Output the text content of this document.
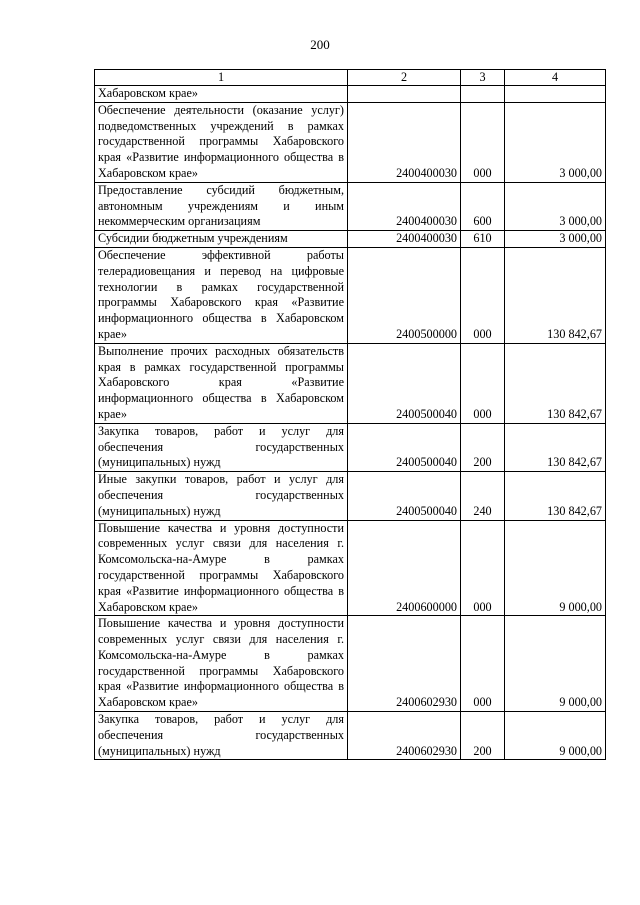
200
1	2	3	4
Хабаровском крае»			
Обеспечение деятельности (оказание услуг) подведомственных учреждений в рамках государственной программы Хабаровского края «Развитие информационного общества в Хабаровском крае»	2400400030	000	3 000,00
Предоставление субсидий бюджетным, автономным учреждениям и иным некоммерческим организациям	2400400030	600	3 000,00
Субсидии бюджетным учреждениям	2400400030	610	3 000,00
Обеспечение эффективной работы телерадиовещания и перевод на цифровые технологии в рамках государственной программы Хабаровского края «Развитие информационного общества в Хабаровском крае»	2400500000	000	130 842,67
Выполнение прочих расходных обязательств края в рамках государственной программы Хабаровского края «Развитие информационного общества в Хабаровском крае»	2400500040	000	130 842,67
Закупка товаров, работ и услуг для обеспечения государственных (муниципальных) нужд	2400500040	200	130 842,67
Иные закупки товаров, работ и услуг для обеспечения государственных (муниципальных) нужд	2400500040	240	130 842,67
Повышение качества и уровня доступности современных услуг связи для населения г. Комсомольска-на-Амуре в рамках государственной программы Хабаровского края «Развитие информационного общества в Хабаровском крае»	2400600000	000	9 000,00
Повышение качества и уровня доступности современных услуг связи для населения г. Комсомольска-на-Амуре в рамках государственной программы Хабаровского края «Развитие информационного общества в Хабаровском крае»	2400602930	000	9 000,00
Закупка товаров, работ и услуг для обеспечения государственных (муниципальных) нужд	2400602930	200	9 000,00
